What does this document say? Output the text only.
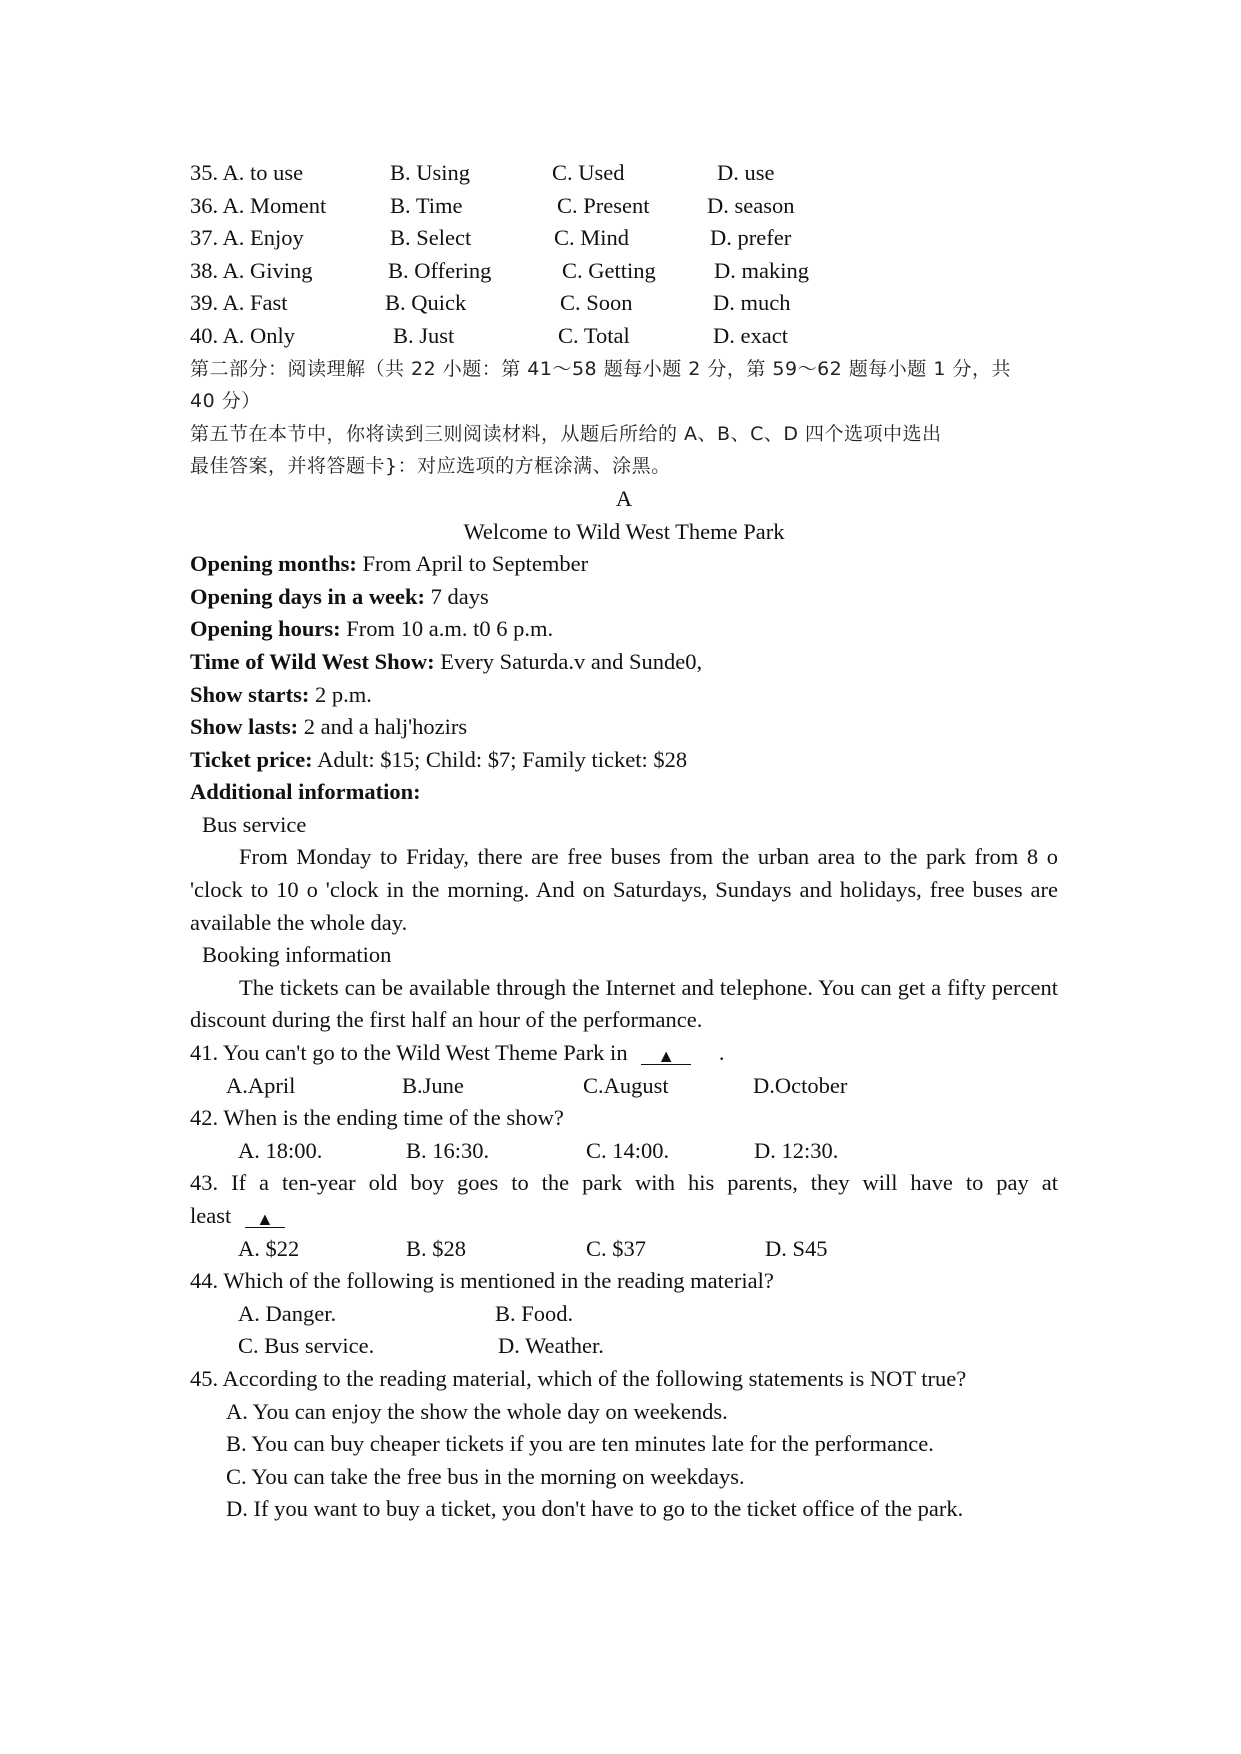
35. A. to use	B. Using	C. Used	D. use
36. A. Moment	B. Time	C. Present	D. season
37. A. Enjoy	B. Select	C. Mind	D. prefer
38. A. Giving	B. Offering	C. Getting	D. making
39. A. Fast	B. Quick	C. Soon	D. much
40. A. Only	B. Just	C. Total	D. exact
第二部分：阅读理解（共 22 小题：第 41～58 题每小题 2 分，第 59～62 题每小题 1 分，共
40 分）
第五节在本节中，你将读到三则阅读材料，从题后所给的 A、B、C、D 四个选项中选出
最佳答案，并将答题卡}：对应选项的方框涂满、涂黑。
A
Welcome to Wild West Theme Park
Opening months: From April to September
Opening days in a week: 7 days
Opening hours: From 10 a.m. t0 6 p.m.
Time of Wild West Show: Every Saturda.v and Sunde0,
Show starts: 2 p.m.
Show lasts: 2 and a halj'hozirs
Ticket price: Adult: $15; Child: $7; Family ticket: $28
Additional information:
Bus service
From Monday to Friday, there are free buses from the urban area to the park from 8 o 'clock to 10 o 'clock in the morning. And on Saturdays, Sundays and holidays, free buses are available the whole day.
Booking information
The tickets can be available through the Internet and telephone. You can get a fifty percent
discount during the first half an hour of the performance.
41. You can't go to the Wild West Theme Park in ▲ .
A.April	B.June	C.August	D.October
42. When is the ending time of the show?
A. 18:00.	B. 16:30.	C. 14:00.	D. 12:30.
43. If a ten-year old boy goes to the park with his parents, they will have to pay at
least ▲
A. $22	B. $28	C. $37	D. S45
44. Which of the following is mentioned in the reading material?
A. Danger.	B. Food.
C. Bus service.	D. Weather.
45. According to the reading material, which of the following statements is NOT true?
A. You can enjoy the show the whole day on weekends.
B. You can buy cheaper tickets if you are ten minutes late for the performance.
C. You can take the free bus in the morning on weekdays.
D. If you want to buy a ticket, you don't have to go to the ticket office of the park.
